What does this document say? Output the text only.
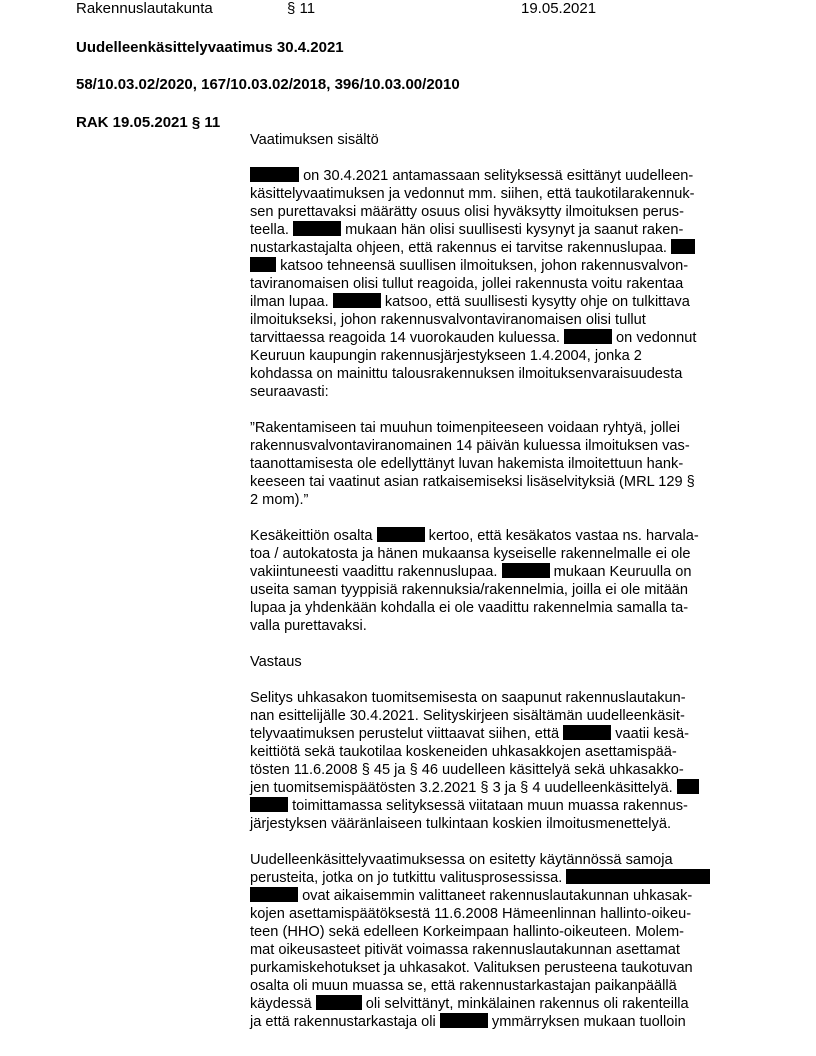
Rakennuslautakunta	§ 11	19.05.2021
Uudelleenkäsittelyvaatimus 30.4.2021
58/10.03.02/2020, 167/10.03.02/2018, 396/10.03.00/2010
RAK 19.05.2021 § 11
Vaatimuksen sisältö
on 30.4.2021 antamassaan selityksessä esittänyt uudelleen-
käsittelyvaatimuksen ja vedonnut mm. siihen, että taukotilarakennuk-
sen purettavaksi määrätty osuus olisi hyväksytty ilmoituksen perus-
teella.	mukaan hän olisi suullisesti kysynyt ja saanut raken-
nustarkastajalta ohjeen, että rakennus ei tarvitse rakennuslupaa.
katsoo tehneensä suullisen ilmoituksen, johon rakennusvalvon-
taviranomaisen olisi tullut reagoida, jollei rakennusta voitu rakentaa
ilman lupaa.	katsoo, että suullisesti kysytty ohje on tulkittava
ilmoitukseksi, johon rakennusvalvontaviranomaisen olisi tullut
tarvittaessa reagoida 14 vuorokauden kuluessa.	on vedonnut
Keuruun kaupungin rakennusjärjestykseen 1.4.2004, jonka 2
kohdassa on mainittu talousrakennuksen ilmoituksenvaraisuudesta
seuraavasti:
”Rakentamiseen tai muuhun toimenpiteeseen voidaan ryhtyä, jollei
rakennusvalvontaviranomainen 14 päivän kuluessa ilmoituksen vas-
taanottamisesta ole edellyttänyt luvan hakemista ilmoitettuun hank-
keeseen tai vaatinut asian ratkaisemiseksi lisäselvityksiä (MRL 129 §
2 mom).”
Kesäkeittiön osalta	kertoo, että kesäkatos vastaa ns. harvala-
toa / autokatosta ja hänen mukaansa kyseiselle rakennelmalle ei ole
vakiintuneesti vaadittu rakennuslupaa.	mukaan Keuruulla on
useita saman tyyppisiä rakennuksia/rakennelmia, joilla ei ole mitään
lupaa ja yhdenkään kohdalla ei ole vaadittu rakennelmia samalla ta-
valla purettavaksi.
Vastaus
Selitys uhkasakon tuomitsemisesta on saapunut rakennuslautakun-
nan esittelijälle 30.4.2021. Selityskirjeen sisältämän uudelleenkäsit-
telyvaatimuksen perustelut viittaavat siihen, että	vaatii kesä-
keittiötä sekä taukotilaa koskeneiden uhkasakkojen asettamispää-
tösten 11.6.2008 § 45 ja § 46 uudelleen käsittelyä sekä uhkasakko-
jen tuomitsemispäätösten 3.2.2021 § 3 ja § 4 uudelleenkäsittelyä.
toimittamassa selityksessä viitataan muun muassa rakennus-
järjestyksen vääränlaiseen tulkintaan koskien ilmoitusmenettelyä.
Uudelleenkäsittelyvaatimuksessa on esitetty käytännössä samoja
perusteita, jotka on jo tutkittu valitusprosessissa.
ovat aikaisemmin valittaneet rakennuslautakunnan uhkasak-
kojen asettamispäätöksestä 11.6.2008 Hämeenlinnan hallinto-oikeu-
teen (HHO) sekä edelleen Korkeimpaan hallinto-oikeuteen. Molem-
mat oikeusasteet pitivät voimassa rakennuslautakunnan asettamat
purkamiskehotukset ja uhkasakot. Valituksen perusteena taukotuvan
osalta oli muun muassa se, että rakennustarkastajan paikanpäällä
käydessä	oli selvittänyt, minkälainen rakennus oli rakenteilla
ja että rakennustarkastaja oli	ymmärryksen mukaan tuolloin
